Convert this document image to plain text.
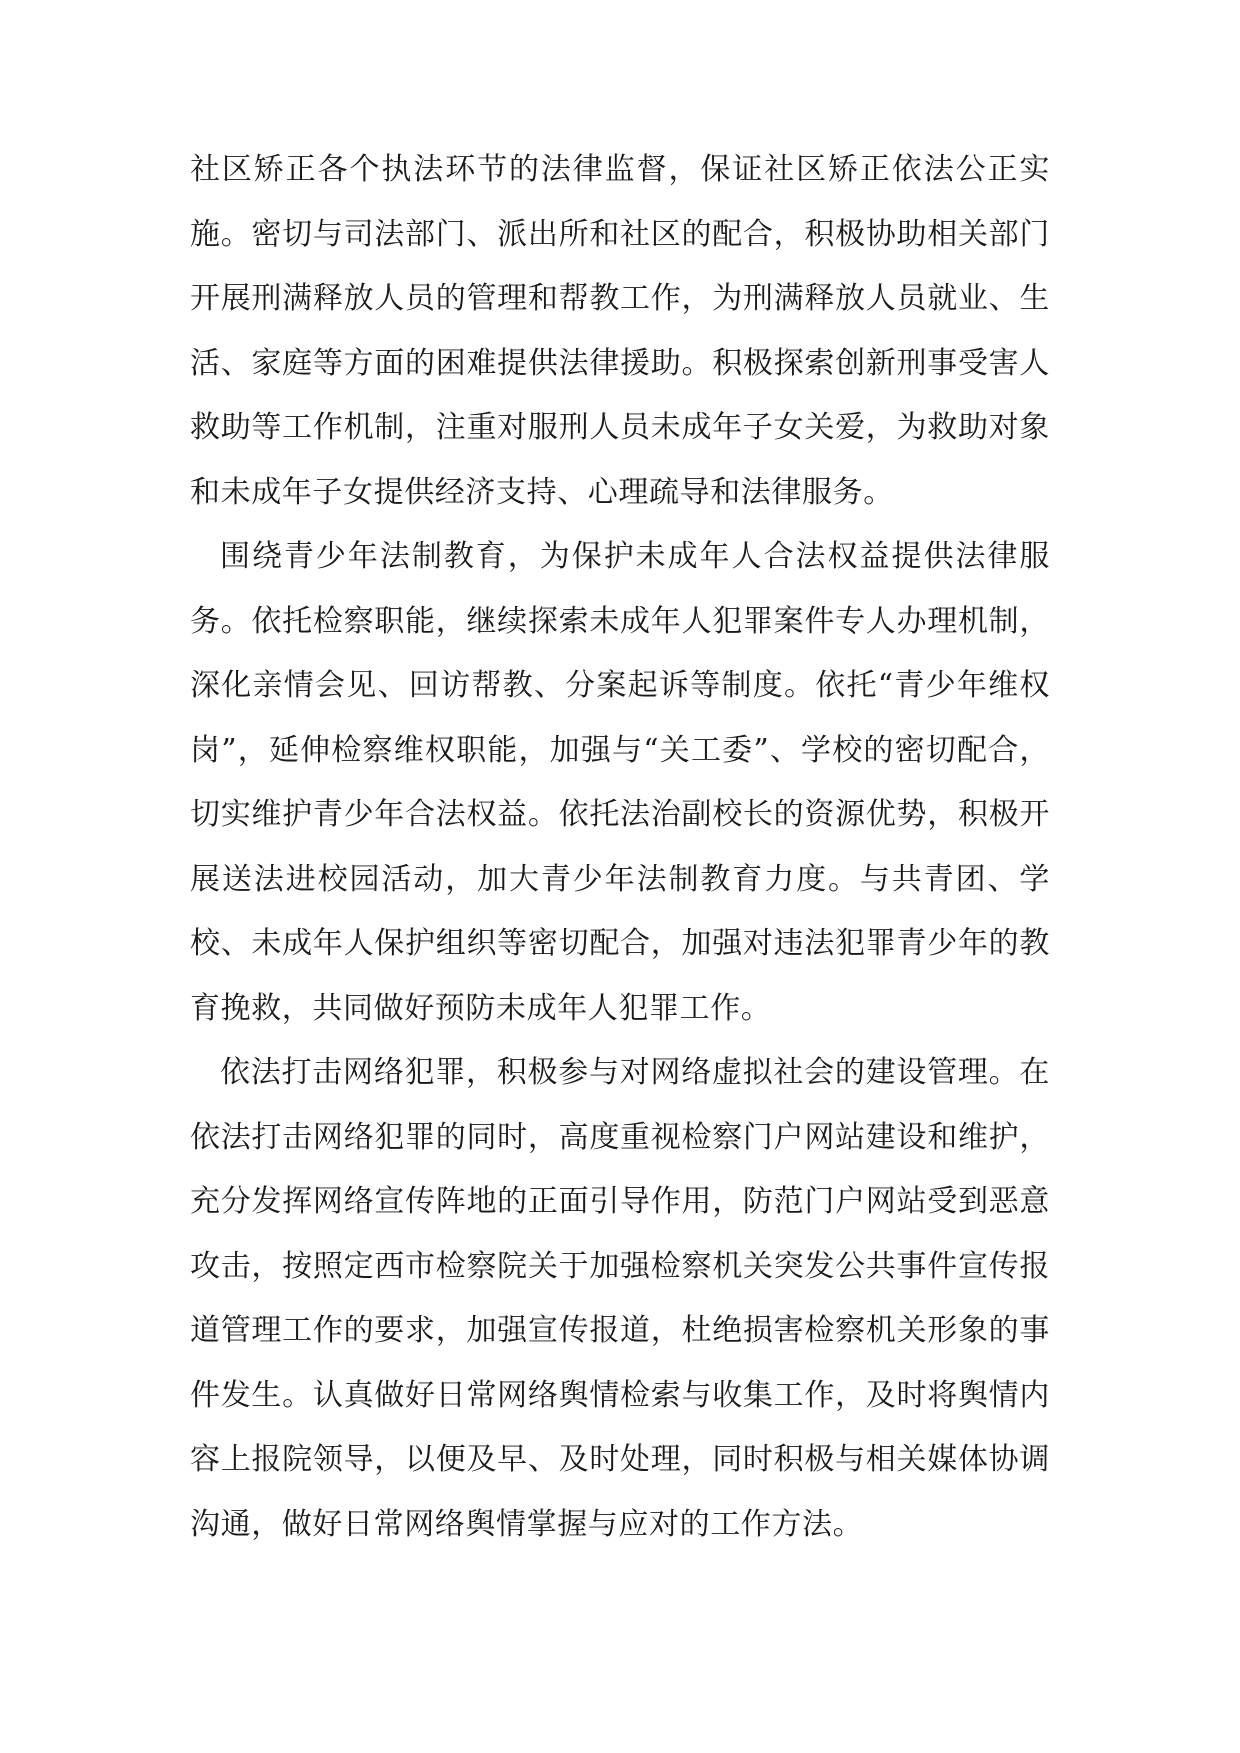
社区矫正各个执法环节的法律监督，保证社区矫正依法公正实施。密切与司法部门、派出所和社区的配合，积极协助相关部门开展刑满释放人员的管理和帮教工作，为刑满释放人员就业、生活、家庭等方面的困难提供法律援助。积极探索创新刑事受害人救助等工作机制，注重对服刑人员未成年子女关爱，为救助对象和未成年子女提供经济支持、心理疏导和法律服务。

围绕青少年法制教育，为保护未成年人合法权益提供法律服务。依托检察职能，继续探索未成年人犯罪案件专人办理机制，深化亲情会见、回访帮教、分案起诉等制度。依托“青少年维权岗”，延伸检察维权职能，加强与“关工委”、学校的密切配合，切实维护青少年合法权益。依托法治副校长的资源优势，积极开展送法进校园活动，加大青少年法制教育力度。与共青团、学校、未成年人保护组织等密切配合，加强对违法犯罪青少年的教育挽救，共同做好预防未成年人犯罪工作。

依法打击网络犯罪，积极参与对网络虚拟社会的建设管理。在依法打击网络犯罪的同时，高度重视检察门户网站建设和维护，充分发挥网络宣传阵地的正面引导作用，防范门户网站受到恶意攻击，按照定西市检察院关于加强检察机关突发公共事件宣传报道管理工作的要求，加强宣传报道，杜绝损害检察机关形象的事件发生。认真做好日常网络舆情检索与收集工作，及时将舆情内容上报院领导，以便及早、及时处理，同时积极与相关媒体协调沟通，做好日常网络舆情掌握与应对的工作方法。
